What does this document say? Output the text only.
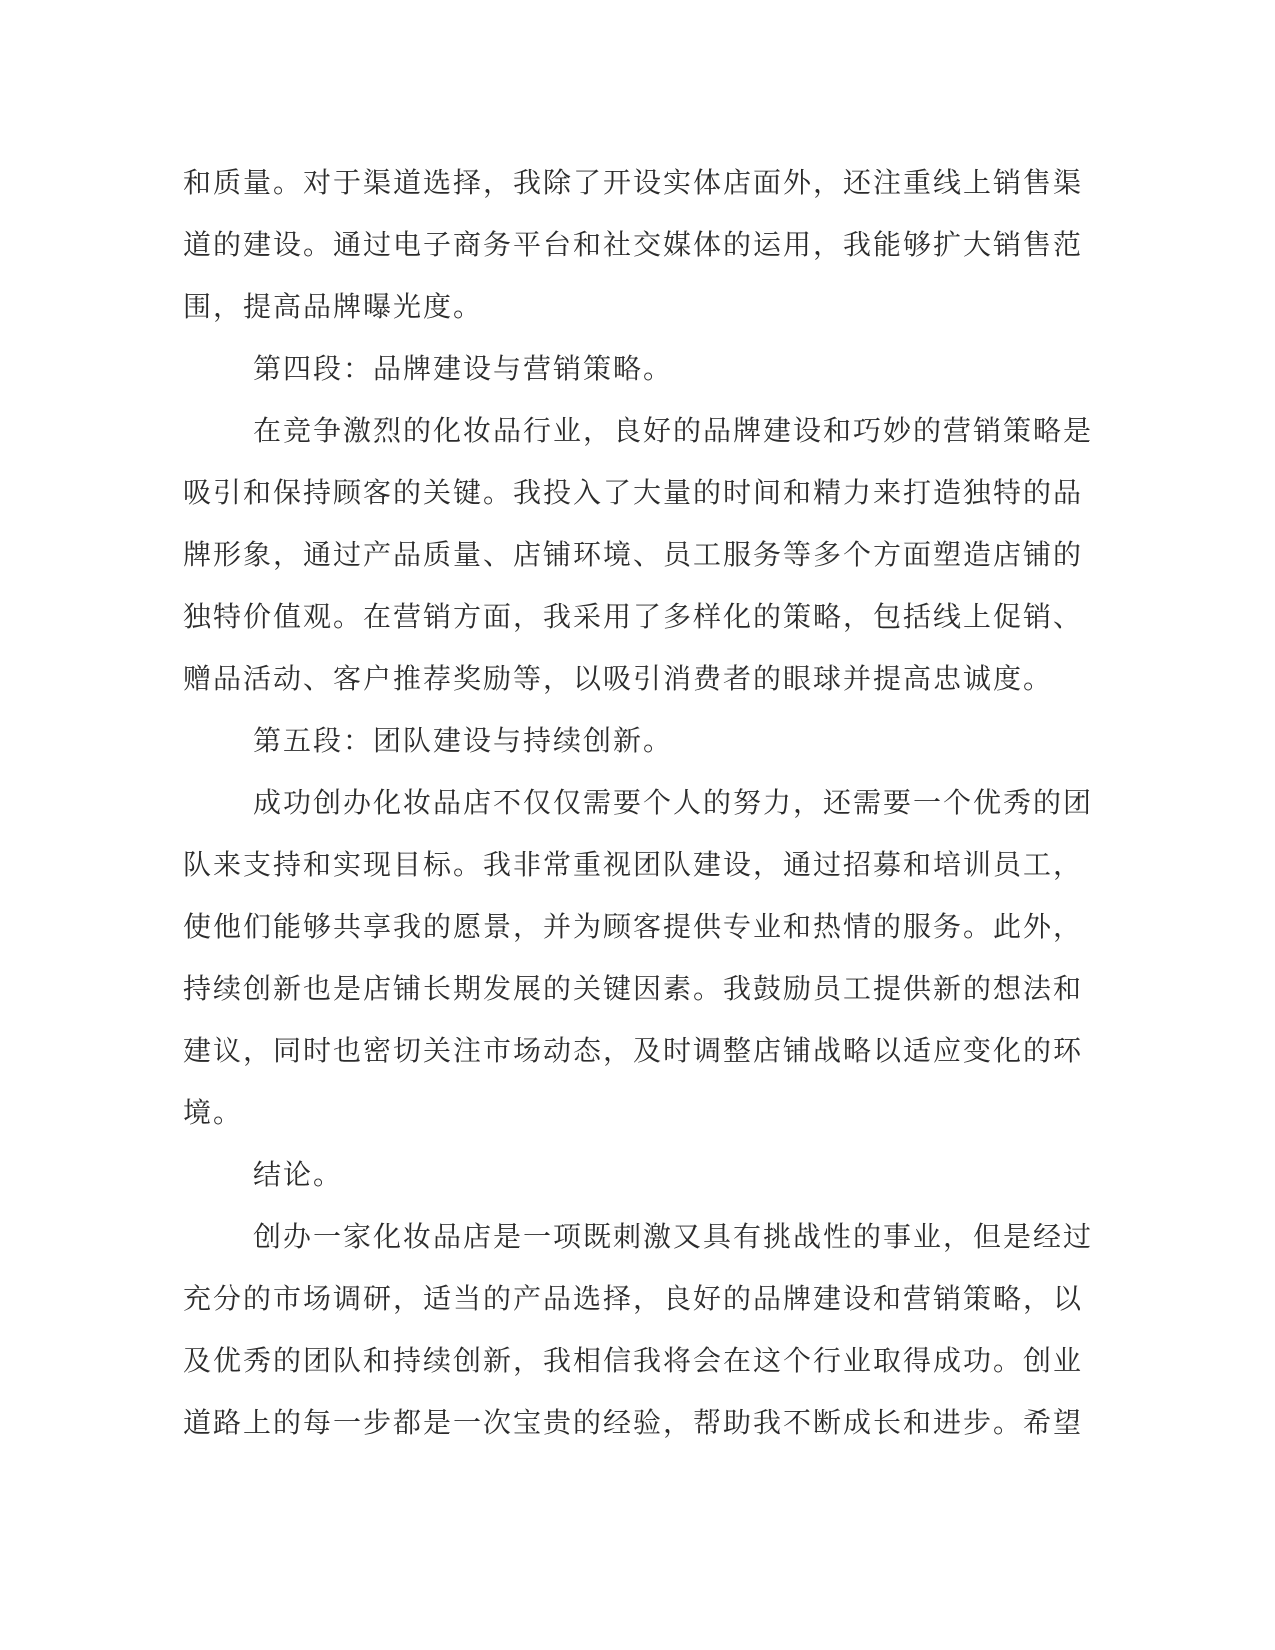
和质量。对于渠道选择，我除了开设实体店面外，还注重线上销售渠
道的建设。通过电子商务平台和社交媒体的运用，我能够扩大销售范
围，提高品牌曝光度。
第四段：品牌建设与营销策略。
在竞争激烈的化妆品行业，良好的品牌建设和巧妙的营销策略是
吸引和保持顾客的关键。我投入了大量的时间和精力来打造独特的品
牌形象，通过产品质量、店铺环境、员工服务等多个方面塑造店铺的
独特价值观。在营销方面，我采用了多样化的策略，包括线上促销、
赠品活动、客户推荐奖励等，以吸引消费者的眼球并提高忠诚度。
第五段：团队建设与持续创新。
成功创办化妆品店不仅仅需要个人的努力，还需要一个优秀的团
队来支持和实现目标。我非常重视团队建设，通过招募和培训员工，
使他们能够共享我的愿景，并为顾客提供专业和热情的服务。此外，
持续创新也是店铺长期发展的关键因素。我鼓励员工提供新的想法和
建议，同时也密切关注市场动态，及时调整店铺战略以适应变化的环
境。
结论。
创办一家化妆品店是一项既刺激又具有挑战性的事业，但是经过
充分的市场调研，适当的产品选择，良好的品牌建设和营销策略，以
及优秀的团队和持续创新，我相信我将会在这个行业取得成功。创业
道路上的每一步都是一次宝贵的经验，帮助我不断成长和进步。希望
